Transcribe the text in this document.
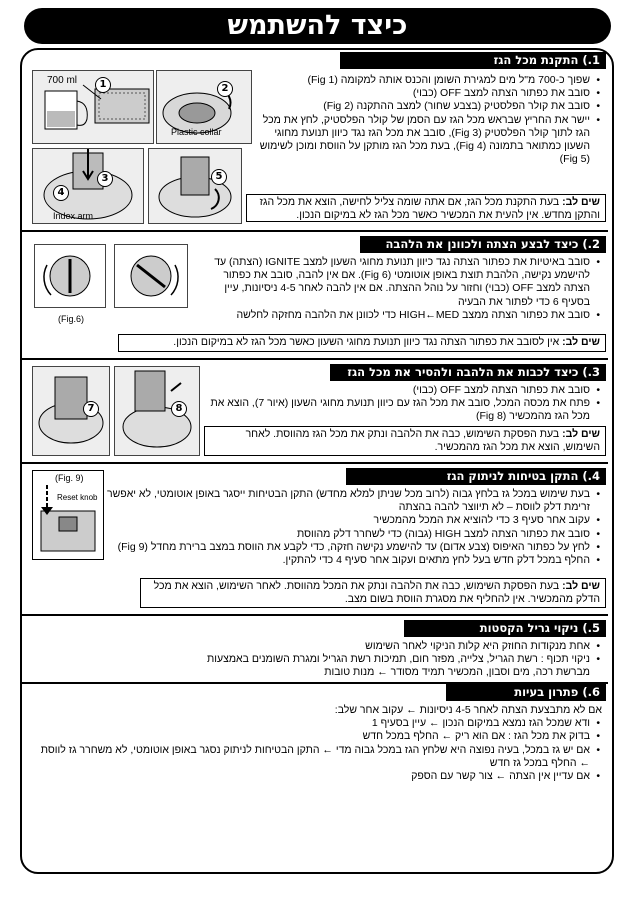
כיצד להשתמש
1.) התקנת מכל הגז
700 ml	1	2
Plastic collar
3
4
Index arm
5
• שפוך כ-700 מ"ל מים למגירת השומן והכנס אותה למקומה (Fig 1)
• סובב את כפתור הצתה למצב OFF (כבוי)
• סובב את קולר הפלסטיק (בצבע שחור) למצב ההתקנה (Fig 2)
• יישר את החריץ שבראש מכל הגז עם הסמן של קולר הפלסטיק, לחץ את מכל הגז לתוך קולר הפלסטיק (Fig 3), סובב את מכל הגז נגד כיוון תנועת מחוגי השעון כמתואר בתמונה (Fig 4), בעת מכל הגז מותקן על הווסת ומוכן לשימוש (Fig 5)
שים לב: בעת התקנת מכל הגז, אם אתה שומה צליל לחישה, הוצא את מכל הגז והתקן מחדש. אין להעית את המכשיר כאשר מכל הגז לא במיקום הנכון.
2.) כיצד לבצע הצתה ולכוונן את הלהבה
(Fig.6)
• סובב באיטיות את כפתור הצתה נגד כיוון תנועת מחוגי השעון למצב IGNITE (הצתה) עד להישמע נקישה, הלהבת תוצת באופן אוטומטי (Fig 6). אם אין להבה, סובב את כפתור הצתה למצב OFF (כבוי) וחזור על נוהל ההצתה. אם אין להבה לאחר 4-5 ניסיונות, עיין בסעיף 6 כדי לפתור את הבעיה
• סובב את כפתור הצתה ממצב HIGH←MED כדי לכוונן את הלהבה מחזקה לחלשה
שים לב: אין לסובב את כפתור הצתה נגד כיוון תנועת מחוגי השעון כאשר מכל הגז לא במיקום הנכון.
3.) כיצד לכבות את הלהבה ולהסיר את מכל הגז
7	8
• סובב את כפתור הצתה למצב OFF (כבוי)
• פתח את מכסה המכל, סובב את מכל הגז עם כיוון תנועת מחוגי השעון (איור 7), הוצא את מכל הגז מהמכשיר (Fig 8)
שים לב: בעת הפסקת השימוש, כבה את הלהבה ונתק את מכל הגז מהווסת. לאחר השימוש, הוצא את מכל הגז מהמכשיר.
4.) התקן בטיחות לניתוק הגז
(Fig. 9)
Reset knob
• בעת שימוש במכל גז בלחץ גבוה (לרוב מכל שניתן למלא מחדש) התקן הבטיחות ייסגר באופן אוטומטי, לא יאפשר זרימת דלק לווסת – לא תיווצר להבה בהצתה
• עקוב אחר סעיף 3 כדי להוציא את המכל מהמכשיר
• סובב את כפתור הצתה למצב HIGH (גבוה) כדי לשחרר דלק מהווסת
• לחץ על כפתור האיפוס (צבע אדום) עד להישמע נקישה חזקה, כדי לקבע את הווסת במצב ברירת מחדל (Fig 9)
• החלף במכל דלק חדש בעל לחץ מתאים ועקוב אחר סעיף 4 כדי להתקין.
שים לב: בעת הפסקת השימוש, כבה את הלהבה ונתק את המכל מהווסת. לאחר השימוש, הוצא את מכל הדלק מהמכשיר. אין להחליף את מסגרת הווסת בשום מצב.
5.) ניקוי גריל הקסטות
• אחת מנקודות החוזק היא קלות הניקוי לאחר השימוש
• ניקוי תכוף : רשת הגריל, צלייה, מפזר חום, תמיכות רשת הגריל ומגרת השומנים באמצעות מברשת רכה, מים וסבון, המכשיר תמיד מסודר ← מנות טובות
6.) פתרון בעיות
אם לא מתבצעת הצתה לאחר 4-5 ניסיונות ← עקוב אחר שלב:
• ודא שמכל הגז נמצא במיקום הנכון ← עיין בסעיף 1
• בדוק את מכל הגז : אם הוא ריק ← החלף במכל חדש
• אם יש גז במכל, בעיה נפוצה היא שלחץ הגז במכל גבוה מדי ← התקן הבטיחות לניתוק נסגר באופן אוטומטי, לא משחרר גז לווסת ← החלף במכל גז חדש
• אם עדיין אין הצתה ← צור קשר עם הספק
